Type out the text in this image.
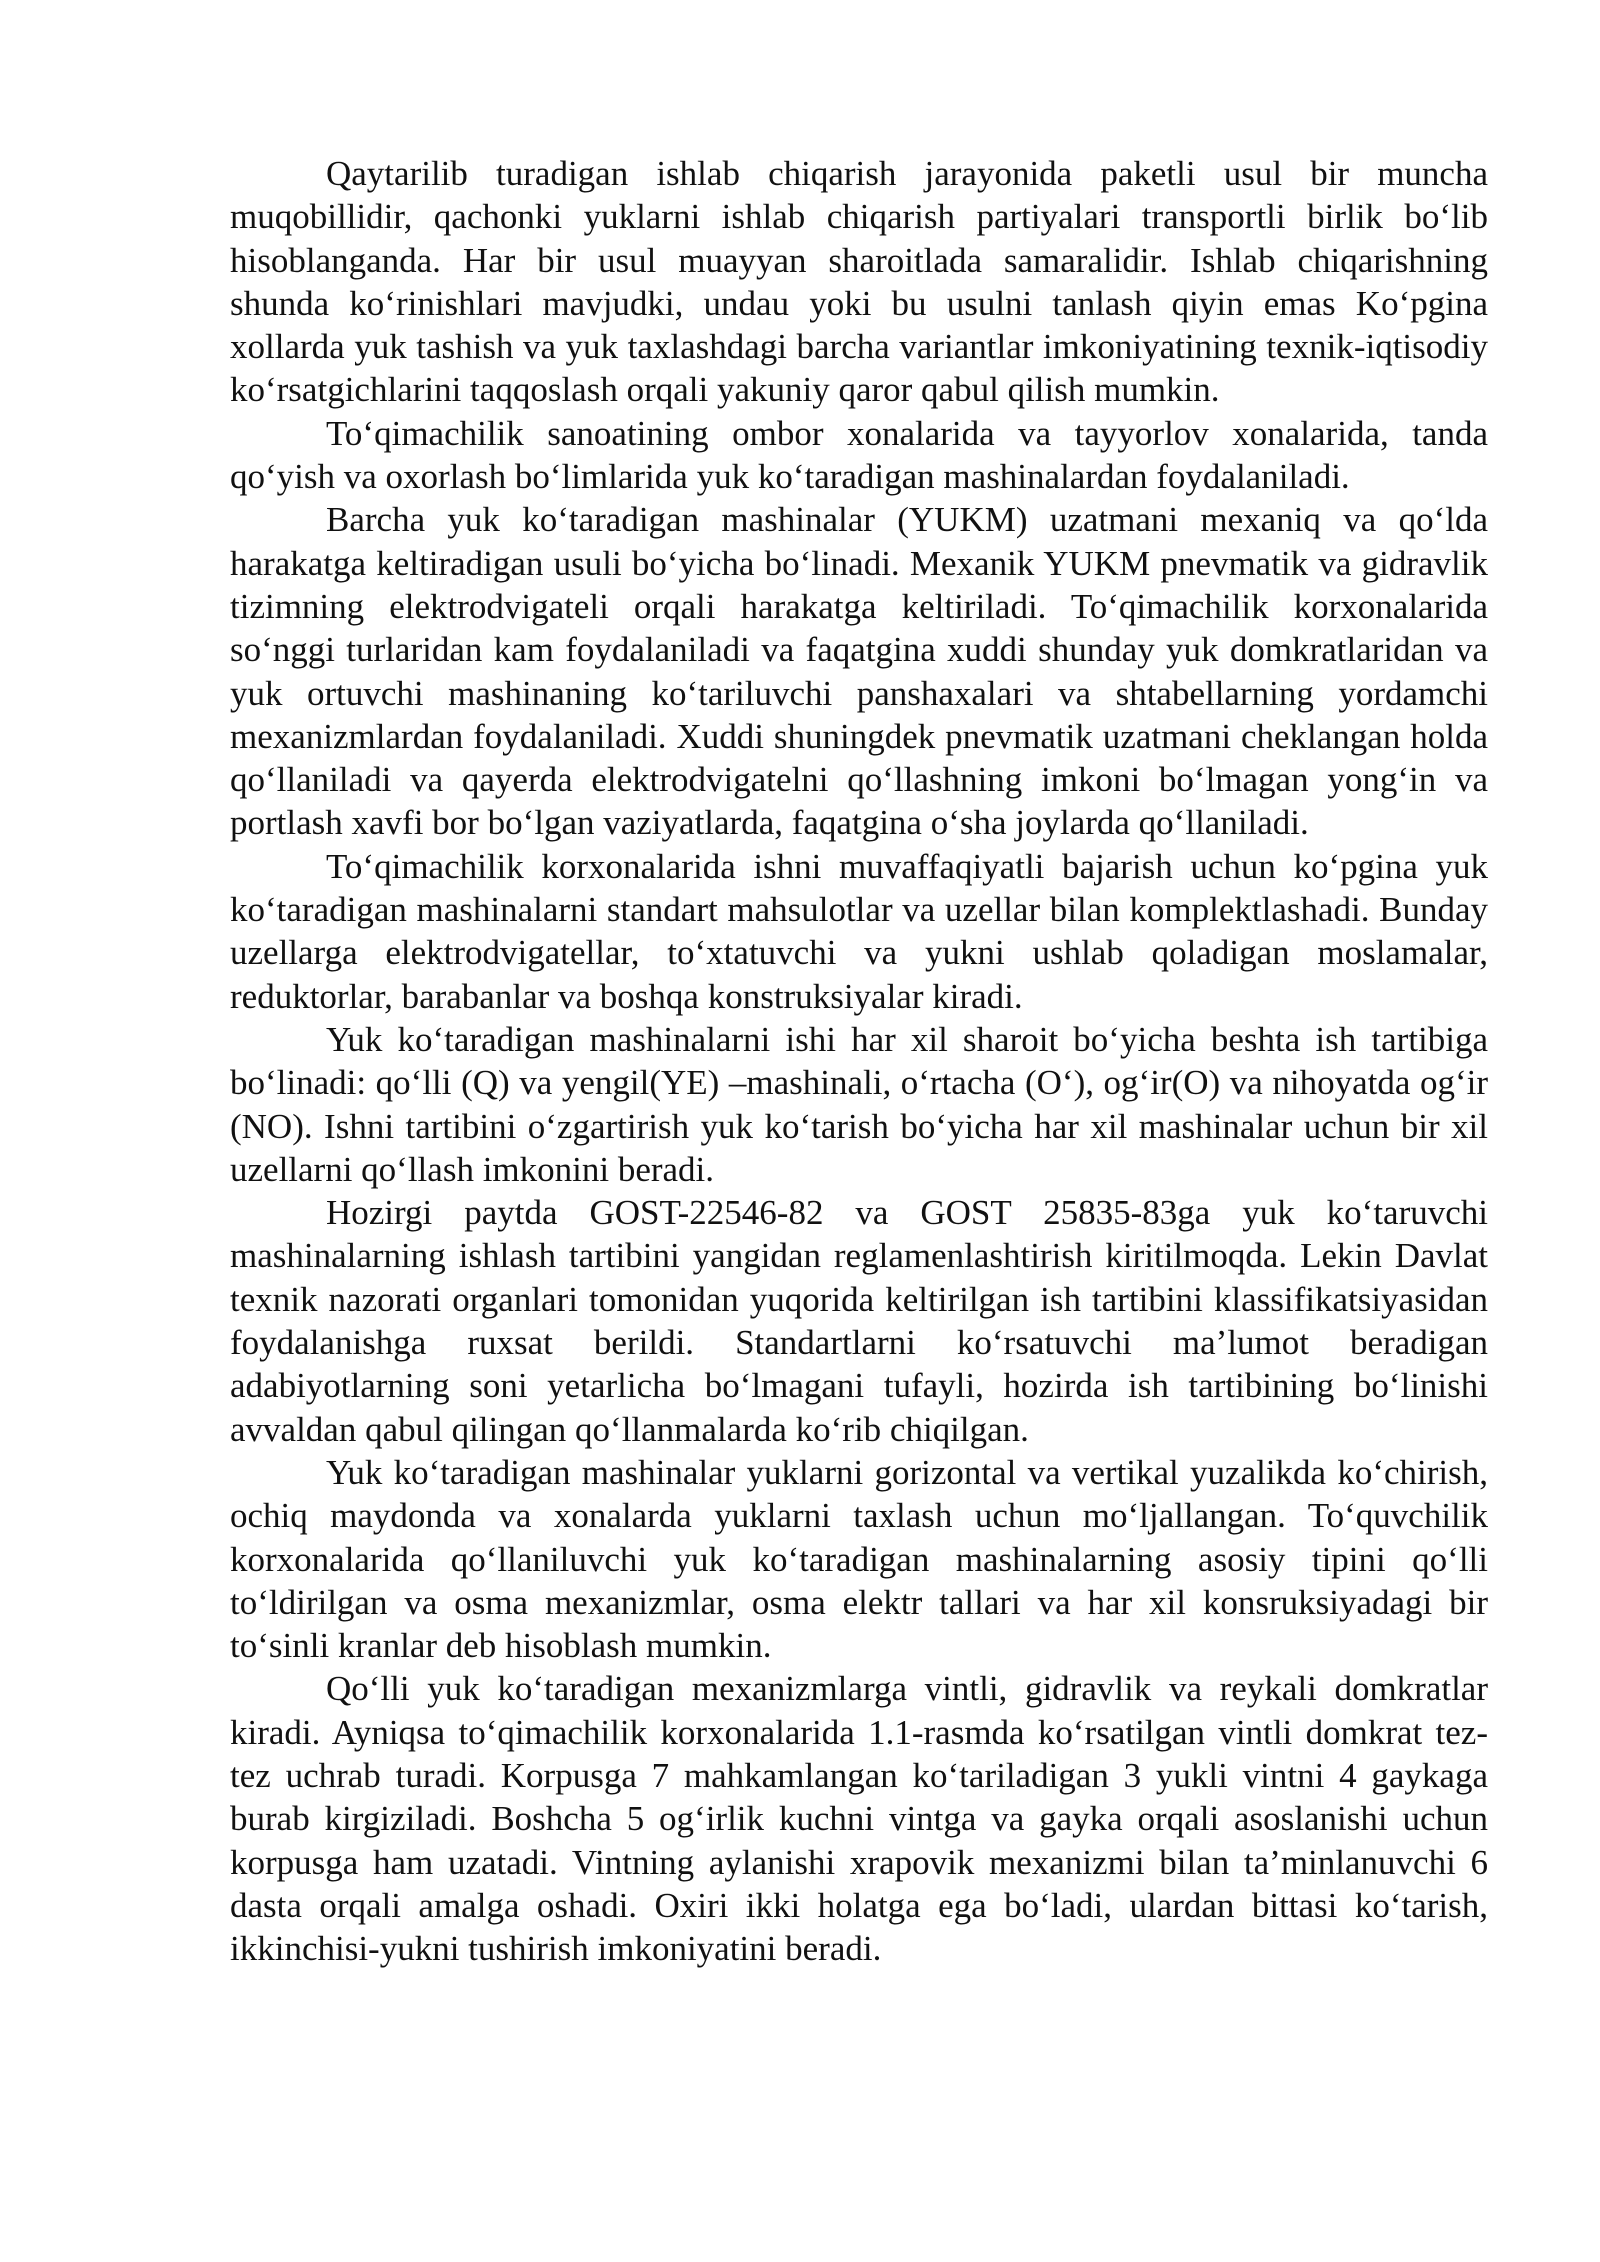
Qaytarilib turadigan ishlab chiqarish jarayonida paketli usul bir muncha muqobillidir, qachonki yuklarni ishlab chiqarish partiyalari transportli birlik bo‘lib hisoblanganda. Har bir usul muayyan sharoitlada samaralidir. Ishlab chiqarishning shunda ko‘rinishlari mavjudki, undau yoki bu usulni tanlash qiyin emas Ko‘pgina xollarda yuk tashish va yuk taxlashdagi barcha variantlar imkoniyatining texnik-iqtisodiy ko‘rsatgichlarini taqqoslash orqali yakuniy qaror qabul qilish mumkin.

To‘qimachilik sanoatining ombor xonalarida va tayyorlov xonalarida, tanda qo‘yish va oxorlash bo‘limlarida yuk ko‘taradigan mashinalardan foydalaniladi.

Barcha yuk ko‘taradigan mashinalar (YUKM) uzatmani mexaniq va qo‘lda harakatga keltiradigan usuli bo‘yicha bo‘linadi. Mexanik YUKM pnevmatik va gidravlik tizimning elektrodvigateli orqali harakatga keltiriladi. To‘qimachilik korxonalarida so‘nggi turlaridan kam foydalaniladi va faqatgina xuddi shunday yuk domkratlaridan va yuk ortuvchi mashinaning ko‘tariluvchi panshaxalari va shtabellarning yordamchi mexanizmlardan foydalaniladi. Xuddi shuningdek pnevmatik uzatmani cheklangan holda qo‘llaniladi va qayerda elektrodvigatelni qo‘llashning imkoni bo‘lmagan yong‘in va portlash xavfi bor bo‘lgan vaziyatlarda, faqatgina o‘sha joylarda qo‘llaniladi.

To‘qimachilik korxonalarida ishni muvaffaqiyatli bajarish uchun ko‘pgina yuk ko‘taradigan mashinalarni standart mahsulotlar va uzellar bilan komplektlashadi. Bunday uzellarga elektrodvigatellar, to‘xtatuvchi va yukni ushlab qoladigan moslamalar, reduktorlar, barabanlar va boshqa konstruksiyalar kiradi.

Yuk ko‘taradigan mashinalarni ishi har xil sharoit bo‘yicha beshta ish tartibiga bo‘linadi: qo‘lli (Q) va yengil(YE) –mashinali, o‘rtacha (O‘), og‘ir(O) va nihoyatda og‘ir (NO). Ishni tartibini o‘zgartirish yuk ko‘tarish bo‘yicha har xil mashinalar uchun bir xil uzellarni qo‘llash imkonini beradi.

Hozirgi paytda GOST-22546-82 va GOST 25835-83ga yuk ko‘taruvchi mashinalarning ishlash tartibini yangidan reglamenlashtirish kiritilmoqda. Lekin Davlat texnik nazorati organlari tomonidan yuqorida keltirilgan ish tartibini klassifikatsiyasidan foydalanishga ruxsat berildi. Standartlarni ko‘rsatuvchi ma’lumot beradigan adabiyotlarning soni yetarlicha bo‘lmagani tufayli, hozirda ish tartibining bo‘linishi avvaldan qabul qilingan qo‘llanmalarda ko‘rib chiqilgan.

Yuk ko‘taradigan mashinalar yuklarni gorizontal va vertikal yuzalikda ko‘chirish, ochiq maydonda va xonalarda yuklarni taxlash uchun mo‘ljallangan. To‘quvchilik korxonalarida qo‘llaniluvchi yuk ko‘taradigan mashinalarning asosiy tipini qo‘lli to‘ldirilgan va osma mexanizmlar, osma elektr tallari va har xil konsruksiyadagi bir to‘sinli kranlar deb hisoblash mumkin.

Qo‘lli yuk ko‘taradigan mexanizmlarga vintli, gidravlik va reykali domkratlar kiradi. Ayniqsa to‘qimachilik korxonalarida 1.1-rasmda ko‘rsatilgan vintli domkrat tez-tez uchrab turadi. Korpusga 7 mahkamlangan ko‘tariladigan 3 yukli vintni 4 gaykaga burab kirgiziladi. Boshcha 5 og‘irlik kuchni vintga va gayka orqali asoslanishi uchun korpusga ham uzatadi. Vintning aylanishi xrapovik mexanizmi bilan ta’minlanuvchi 6 dasta orqali amalga oshadi. Oxiri ikki holatga ega bo‘ladi, ulardan bittasi ko‘tarish, ikkinchisi-yukni tushirish imkoniyatini beradi.
